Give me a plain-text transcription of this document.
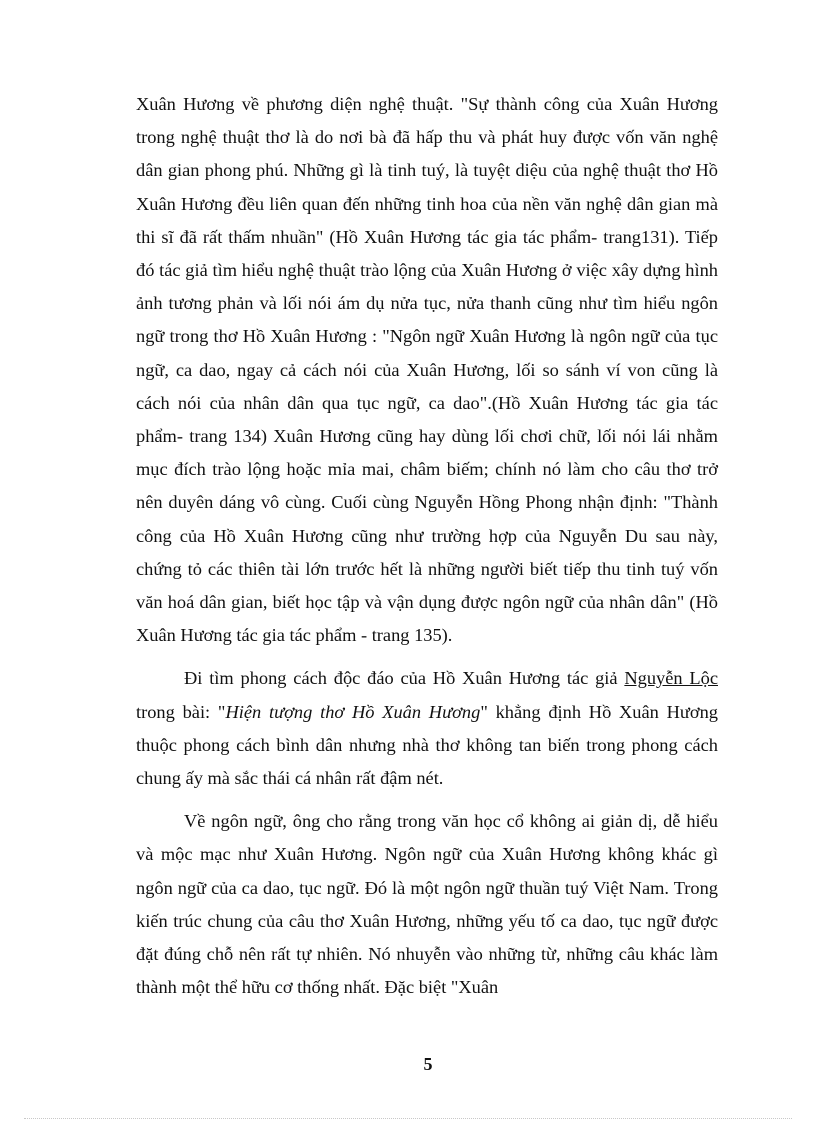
Xuân Hương về phương diện nghệ thuật. "Sự thành công của Xuân Hương trong nghệ thuật thơ là do nơi bà đã hấp thu và phát huy được vốn văn nghệ dân gian phong phú. Những gì là tinh tuý, là tuyệt diệu của nghệ thuật thơ Hồ Xuân Hương đều liên quan đến những tinh hoa của nền văn nghệ dân gian mà thi sĩ đã rất thấm nhuần" (Hồ Xuân Hương tác gia tác phẩm- trang131). Tiếp đó tác giả tìm hiểu nghệ thuật trào lộng của Xuân Hương ở việc xây dựng hình ảnh tương phản và lối nói ám dụ nửa tục, nửa thanh cũng như tìm hiểu ngôn ngữ trong thơ Hồ Xuân Hương : "Ngôn ngữ Xuân Hương là ngôn ngữ của tục ngữ, ca dao, ngay cả cách nói của Xuân Hương, lối so sánh ví von cũng là cách nói của nhân dân qua tục ngữ, ca dao".(Hồ Xuân Hương tác gia tác phẩm- trang 134) Xuân Hương cũng hay dùng lối chơi chữ, lối nói lái nhằm mục đích trào lộng hoặc mỉa mai, châm biếm; chính nó làm cho câu thơ trở nên duyên dáng vô cùng. Cuối cùng Nguyễn Hồng Phong nhận định: "Thành công của Hồ Xuân Hương cũng như trường hợp của Nguyễn Du sau này, chứng tỏ các thiên tài lớn trước hết là những người biết tiếp thu tinh tuý vốn văn hoá dân gian, biết học tập và vận dụng được ngôn ngữ của nhân dân" (Hồ Xuân Hương tác gia tác phẩm - trang 135).

Đi tìm phong cách độc đáo của Hồ Xuân Hương tác giả Nguyễn Lộc trong bài: "Hiện tượng thơ Hồ Xuân Hương" khẳng định Hồ Xuân Hương thuộc phong cách bình dân nhưng nhà thơ không tan biến trong phong cách chung ấy mà sắc thái cá nhân rất đậm nét.

Về ngôn ngữ, ông cho rằng trong văn học cổ không ai giản dị, dễ hiểu và mộc mạc như Xuân Hương. Ngôn ngữ của Xuân Hương không khác gì ngôn ngữ của ca dao, tục ngữ. Đó là một ngôn ngữ thuần tuý Việt Nam. Trong kiến trúc chung của câu thơ Xuân Hương, những yếu tố ca dao, tục ngữ được đặt đúng chỗ nên rất tự nhiên. Nó nhuyễn vào những từ, những câu khác làm thành một thể hữu cơ thống nhất. Đặc biệt "Xuân

5
